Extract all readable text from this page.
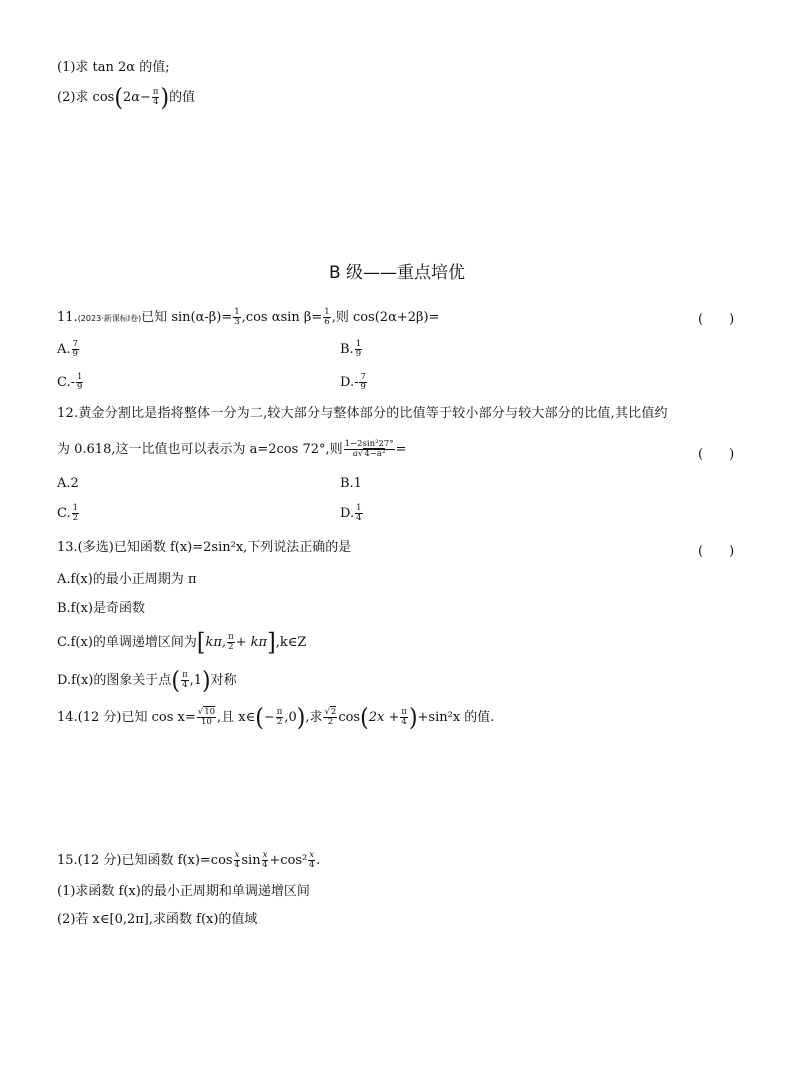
(1)求 tan 2α 的值;
(2)求 $\cos(2\alpha- \frac{\pi}{4}$ )的值
B 级——重点培优
11.(2023·新课标Ⅰ卷)已知 $\sin(\alpha-\beta)= \frac{1}{3} ,\cos$ αsin $\beta= \frac{1}{6}$ ,则 cos(2α+2β)=	(　　)
A. $\frac{7}{9}$	B. $\frac{1}{9}$
$C.- \frac{1}{9}$	$D.- \frac{7}{9}$
12.黄金分割比是指将整体一分为二,较大部分与整体部分的比值等于较小部分与较大部分的比值,其比值约
为 0.618,这一比值也可以表示为 a=2cos 72°,则 $\frac{\text{1−2sin²27°}}{\text{a√4−a²}}$ =	(　　)
A.2	B.1
C. $\frac{1}{2}$	D. $\frac{1}{4}$
13.(多选)已知函数 f(x)=2sin²x,下列说法正确的是	(　　)
A.f(x)的最小正周期为 π
B.f(x)是奇函数
C.f(x)的单调递增区间为[kπ, $\frac{\pi}{2}$ + kπ],k∈Z
D.f(x)的图象关于点( $\frac{\pi}{4} ,1$)对称
14.(12 分)已知 $\cos x= \frac{√10}{10}$ ,且 x∈(− $\frac{\pi}{2} ,0$),求 $\frac{√2}{2} \cos(2x + \frac{\pi}{4} )+\sin^2x$ 的值.
15.(12 分)已知函数 $f(x)=\cos \frac{x}{4}$ $\sin \frac{x}{4} +\cos^2 \frac{x}{4}$ .
(1)求函数 f(x)的最小正周期和单调递增区间
(2)若 x∈[0,2π],求函数 f(x)的值域
